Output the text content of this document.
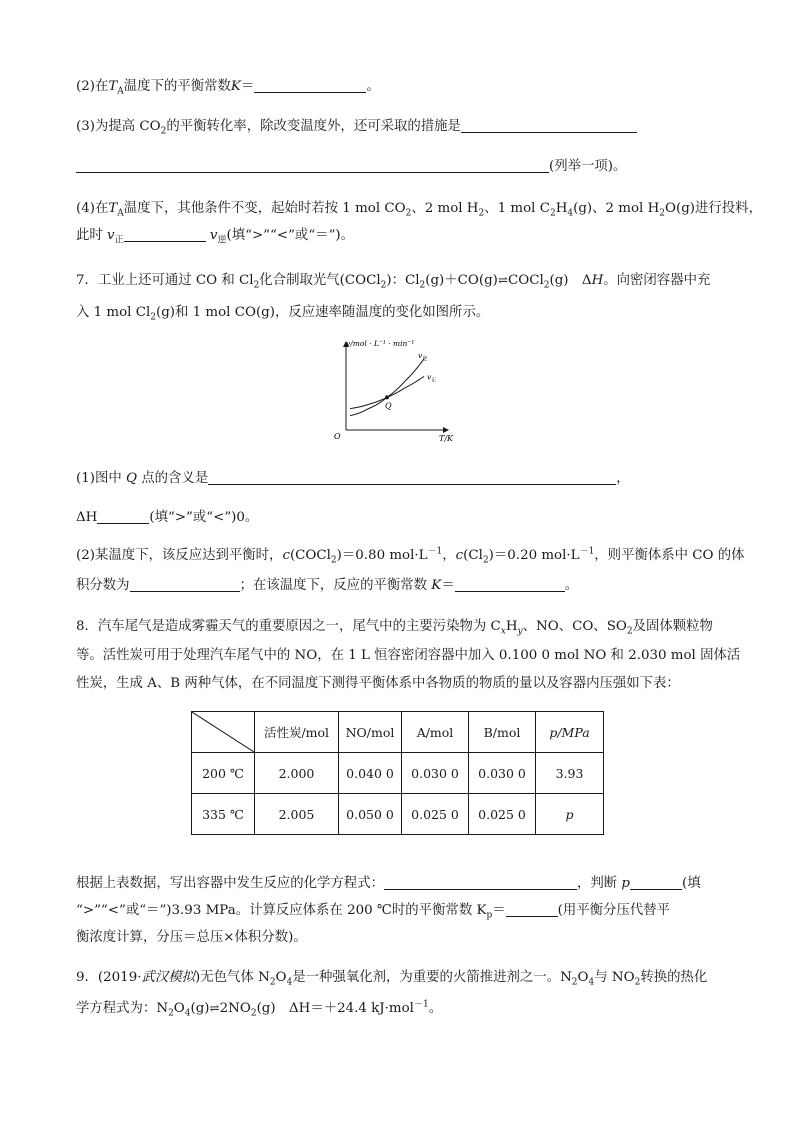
(2)在$T_A$温度下的平衡常数K＝	。
(3)为提高 $CO_2$的平衡转化率，除改变温度外，还可采取的措施是
(列举一项)。
(4)在$T_A$温度下，其他条件不变，起始时若按 1 mol $CO_2$、2 mol $H_2$、1 mol $C_2H_4(g)$、2 mol $H_2O(g)$进行投料，
此时 $v_正$	$v_逆$(填“>”“<”或“＝”)。
7．工业上还可通过 CO 和 $Cl_2$化合制取光气(COCl$_2$)：$Cl_2(g)+CO(g)\rightleftharpoons COCl_2(g)$　ΔH。向密闭容器中充
入 1 mol $Cl_2(g)$和 1 mol CO(g)，反应速率随温度的变化如图所示。
v/mol · L⁻¹ · min⁻¹
T/K
O
$v_逆$
$v_正$
Q
(1)图中 Q 点的含义是	，
ΔH	(填“>”或“<”)0。
(2)某温度下，该反应达到平衡时，c(COCl$_2$)＝0.80 $mol\cdot L^{-1}$，$c(Cl_2)=0.20$ $mol\cdot L^{-1}$，则平衡体系中 CO 的体
积分数为	；在该温度下，反应的平衡常数 K＝	。
8．汽车尾气是造成雾霾天气的重要原因之一，尾气中的主要污染物为 $C_xH_y$、NO、CO、$SO_2$及固体颗粒物
等。活性炭可用于处理汽车尾气中的 NO，在 1 L 恒容密闭容器中加入 0.100 0 mol NO 和 2.030 mol 固体活
性炭，生成 A、B 两种气体，在不同温度下测得平衡体系中各物质的物质的量以及容器内压强如下表：
	活性炭/mol	NO/mol	A/mol	B/mol	p/MPa
200 ℃	2.000	0.040 0	0.030 0	0.030 0	3.93
335 ℃	2.005	0.050 0	0.025 0	0.025 0	p
根据上表数据，写出容器中发生反应的化学方程式：	，判断 p	(填
“>”“<”或“＝”)3.93 MPa。计算反应体系在 200 ℃时的平衡常数 $K_p=$	(用平衡分压代替平
衡浓度计算，分压＝总压×体积分数)。
9．(2019·武汉模拟)无色气体 $N_2O_4$是一种强氧化剂，为重要的火箭推进剂之一。$N_2O_4$与 $NO_2$转换的热化
学方程式为：$N_2O_4(g)\rightleftharpoons 2NO_2(g)$　ΔH＝＋24.4 kJ·mol$^{-1}$。
